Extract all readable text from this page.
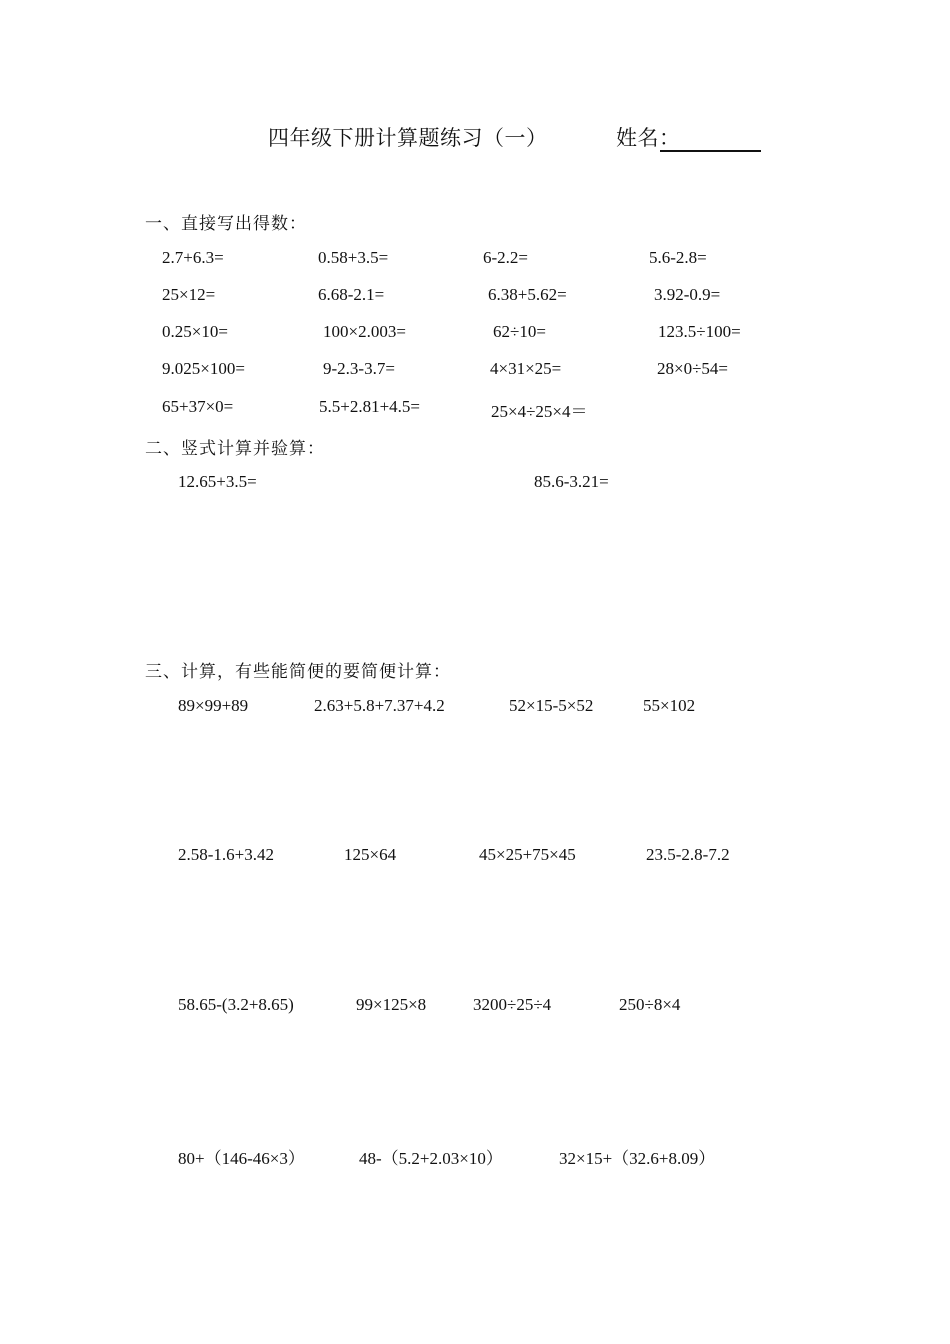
四年级下册计算题练习（一）	姓名：
一、直接写出得数：
2.7+6.3=	0.58+3.5=	6-2.2=	5.6-2.8=
25×12=	6.68-2.1=	6.38+5.62=	3.92-0.9=
0.25×10=	100×2.003=	62÷10=	123.5÷100=
9.025×100=	9-2.3-3.7=	4×31×25=	28×0÷54=
65+37×0=	5.5+2.81+4.5=	25×4÷25×4＝
二、竖式计算并验算：
12.65+3.5=	85.6-3.21=
三、计算，有些能简便的要简便计算：
89×99+89	2.63+5.8+7.37+4.2	52×15-5×52	55×102
2.58-1.6+3.42	125×64	45×25+75×45	23.5-2.8-7.2
58.65-(3.2+8.65)	99×125×8	3200÷25÷4	250÷8×4
80+（146-46×3）	48-（5.2+2.03×10）	32×15+（32.6+8.09）
